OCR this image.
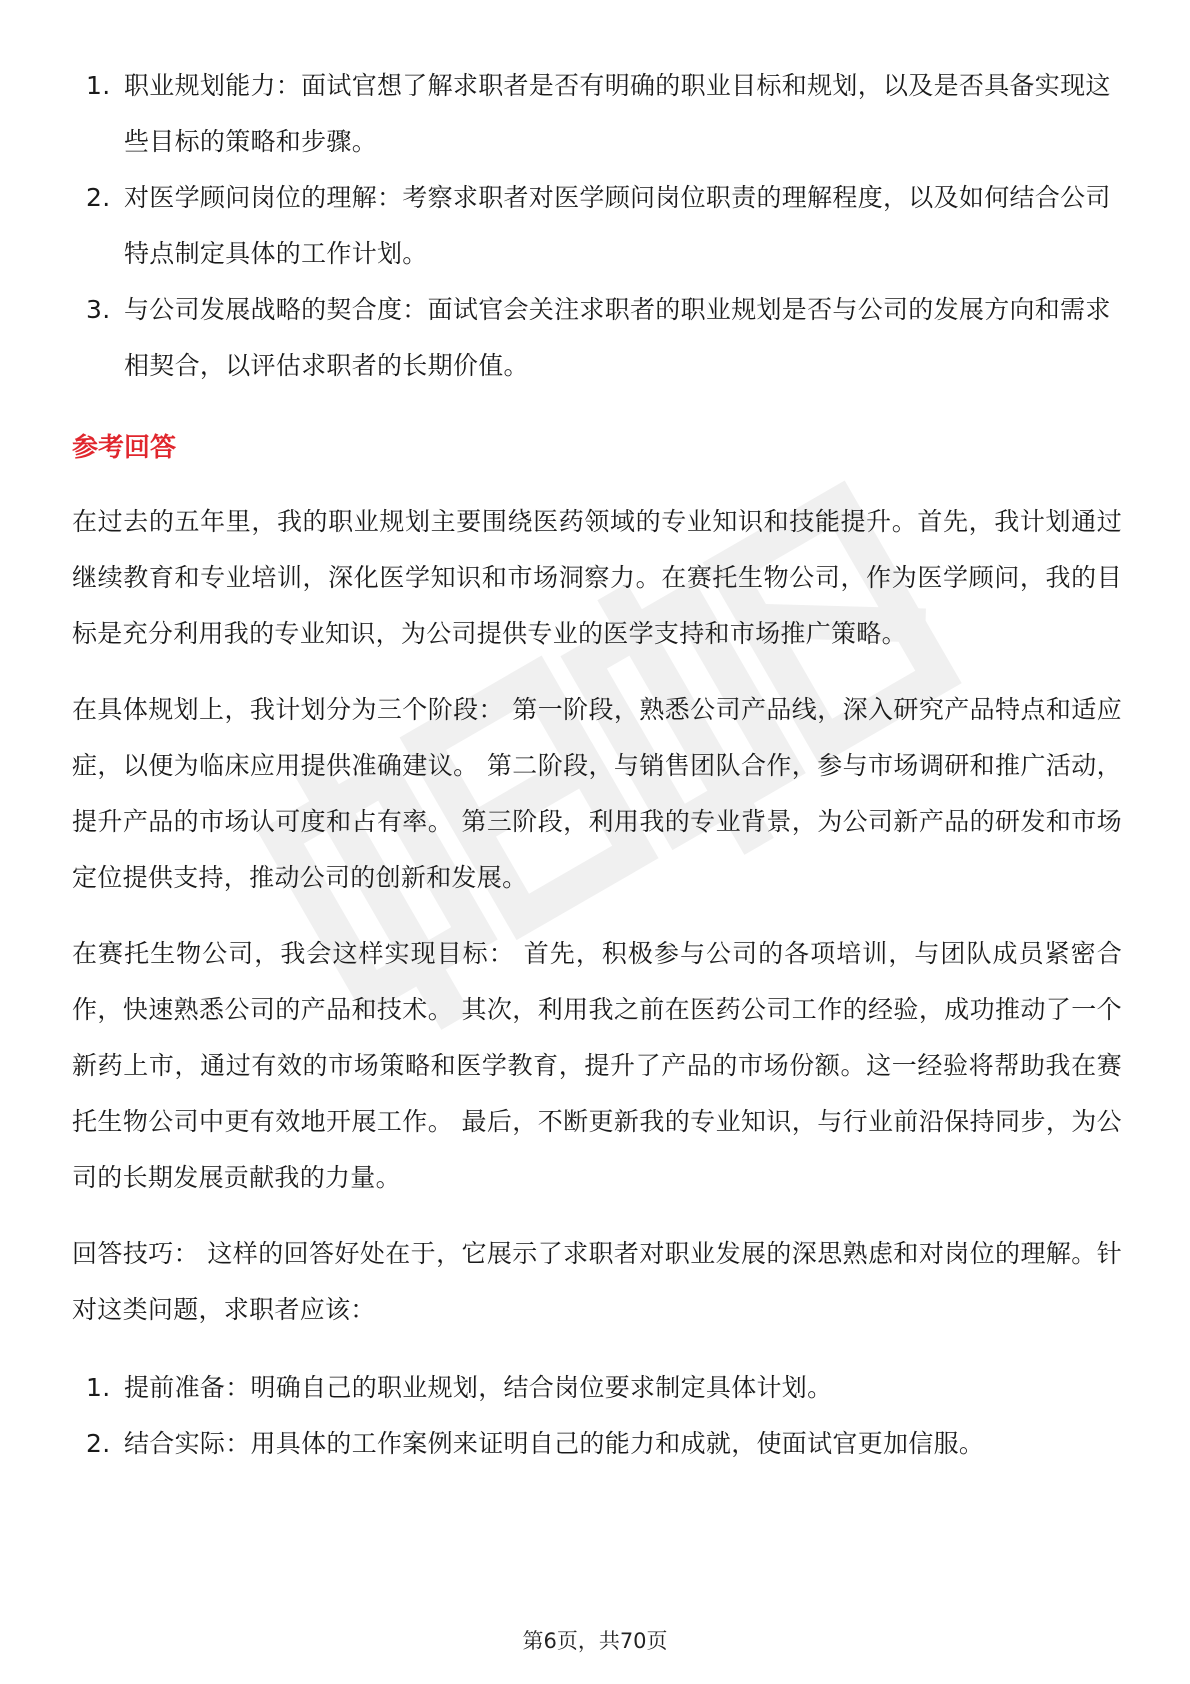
1. 职业规划能力：面试官想了解求职者是否有明确的职业目标和规划，以及是否具备实现这些目标的策略和步骤。
2. 对医学顾问岗位的理解：考察求职者对医学顾问岗位职责的理解程度，以及如何结合公司特点制定具体的工作计划。
3. 与公司发展战略的契合度：面试官会关注求职者的职业规划是否与公司的发展方向和需求相契合，以评估求职者的长期价值。
参考回答

在过去的五年里，我的职业规划主要围绕医药领域的专业知识和技能提升。首先，我计划通过继续教育和专业培训，深化医学知识和市场洞察力。在赛托生物公司，作为医学顾问，我的目标是充分利用我的专业知识，为公司提供专业的医学支持和市场推广策略。

在具体规划上，我计划分为三个阶段： 第一阶段，熟悉公司产品线，深入研究产品特点和适应症，以便为临床应用提供准确建议。 第二阶段，与销售团队合作，参与市场调研和推广活动，提升产品的市场认可度和占有率。 第三阶段，利用我的专业背景，为公司新产品的研发和市场定位提供支持，推动公司的创新和发展。

在赛托生物公司，我会这样实现目标： 首先，积极参与公司的各项培训，与团队成员紧密合作，快速熟悉公司的产品和技术。 其次，利用我之前在医药公司工作的经验，成功推动了一个新药上市，通过有效的市场策略和医学教育，提升了产品的市场份额。这一经验将帮助我在赛托生物公司中更有效地开展工作。 最后，不断更新我的专业知识，与行业前沿保持同步，为公司的长期发展贡献我的力量。

回答技巧： 这样的回答好处在于，它展示了求职者对职业发展的深思熟虑和对岗位的理解。针对这类问题，求职者应该：

1. 提前准备：明确自己的职业规划，结合岗位要求制定具体计划。
2. 结合实际：用具体的工作案例来证明自己的能力和成就，使面试官更加信服。
第6页，共70页
